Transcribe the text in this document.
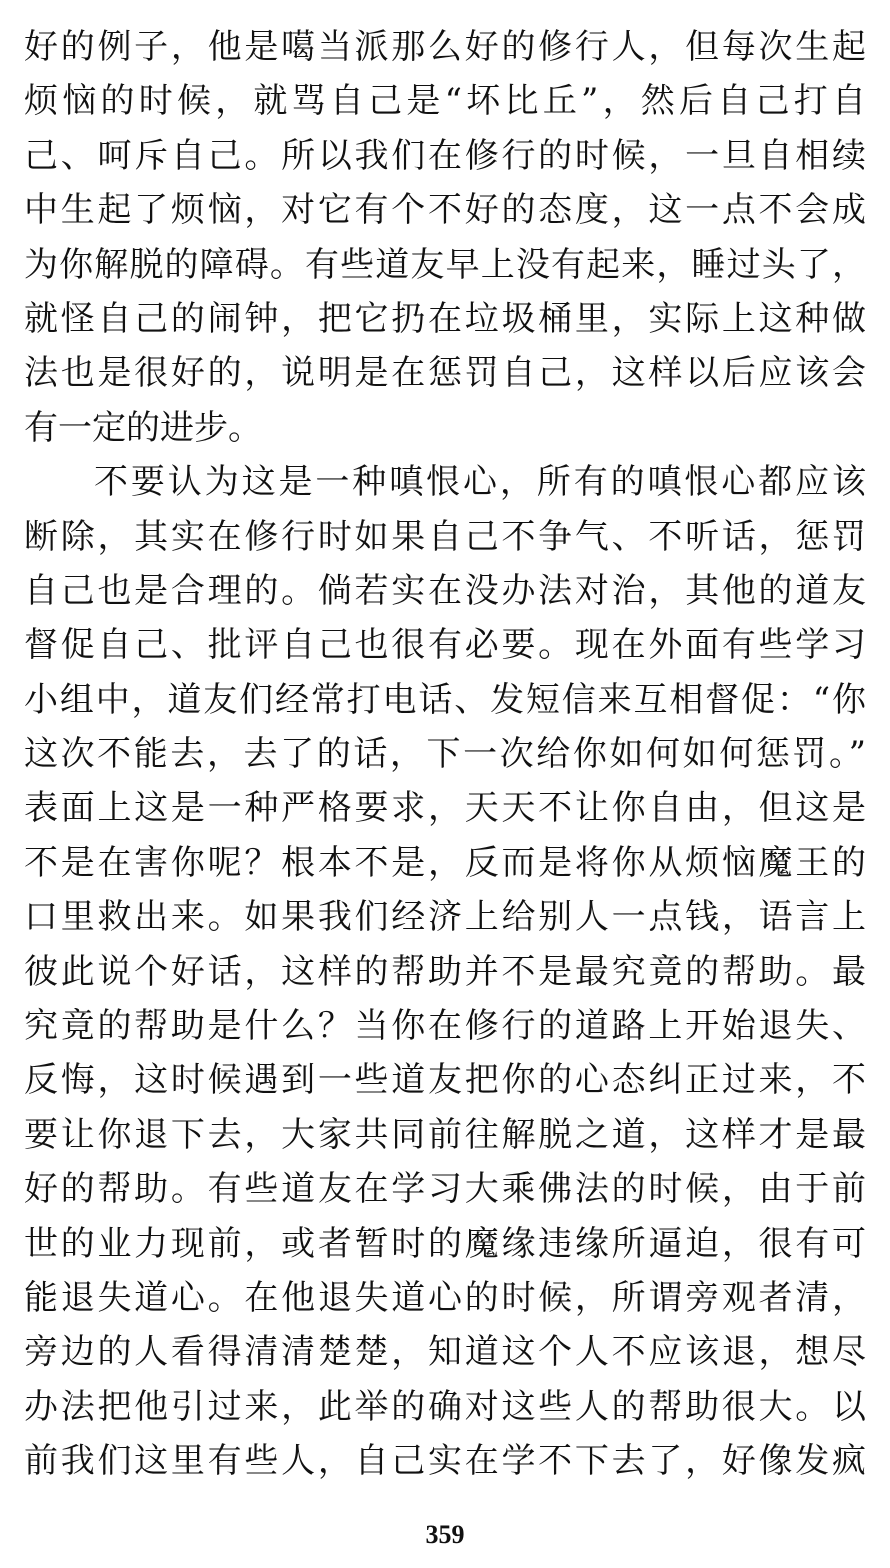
好的例子，他是噶当派那么好的修行人，但每次生起
烦恼的时候，就骂自己是“坏比丘”，然后自己打自
己、呵斥自己。所以我们在修行的时候，一旦自相续
中生起了烦恼，对它有个不好的态度，这一点不会成
为你解脱的障碍。有些道友早上没有起来，睡过头了，
就怪自己的闹钟，把它扔在垃圾桶里，实际上这种做
法也是很好的，说明是在惩罚自己，这样以后应该会
有一定的进步。
不要认为这是一种嗔恨心，所有的嗔恨心都应该
断除，其实在修行时如果自己不争气、不听话，惩罚
自己也是合理的。倘若实在没办法对治，其他的道友
督促自己、批评自己也很有必要。现在外面有些学习
小组中，道友们经常打电话、发短信来互相督促：“你
这次不能去，去了的话，下一次给你如何如何惩罚。”
表面上这是一种严格要求，天天不让你自由，但这是
不是在害你呢？根本不是，反而是将你从烦恼魔王的
口里救出来。如果我们经济上给别人一点钱，语言上
彼此说个好话，这样的帮助并不是最究竟的帮助。最
究竟的帮助是什么？当你在修行的道路上开始退失、
反悔，这时候遇到一些道友把你的心态纠正过来，不
要让你退下去，大家共同前往解脱之道，这样才是最
好的帮助。有些道友在学习大乘佛法的时候，由于前
世的业力现前，或者暂时的魔缘违缘所逼迫，很有可
能退失道心。在他退失道心的时候，所谓旁观者清，
旁边的人看得清清楚楚，知道这个人不应该退，想尽
办法把他引过来，此举的确对这些人的帮助很大。以
前我们这里有些人，自己实在学不下去了，好像发疯
359
